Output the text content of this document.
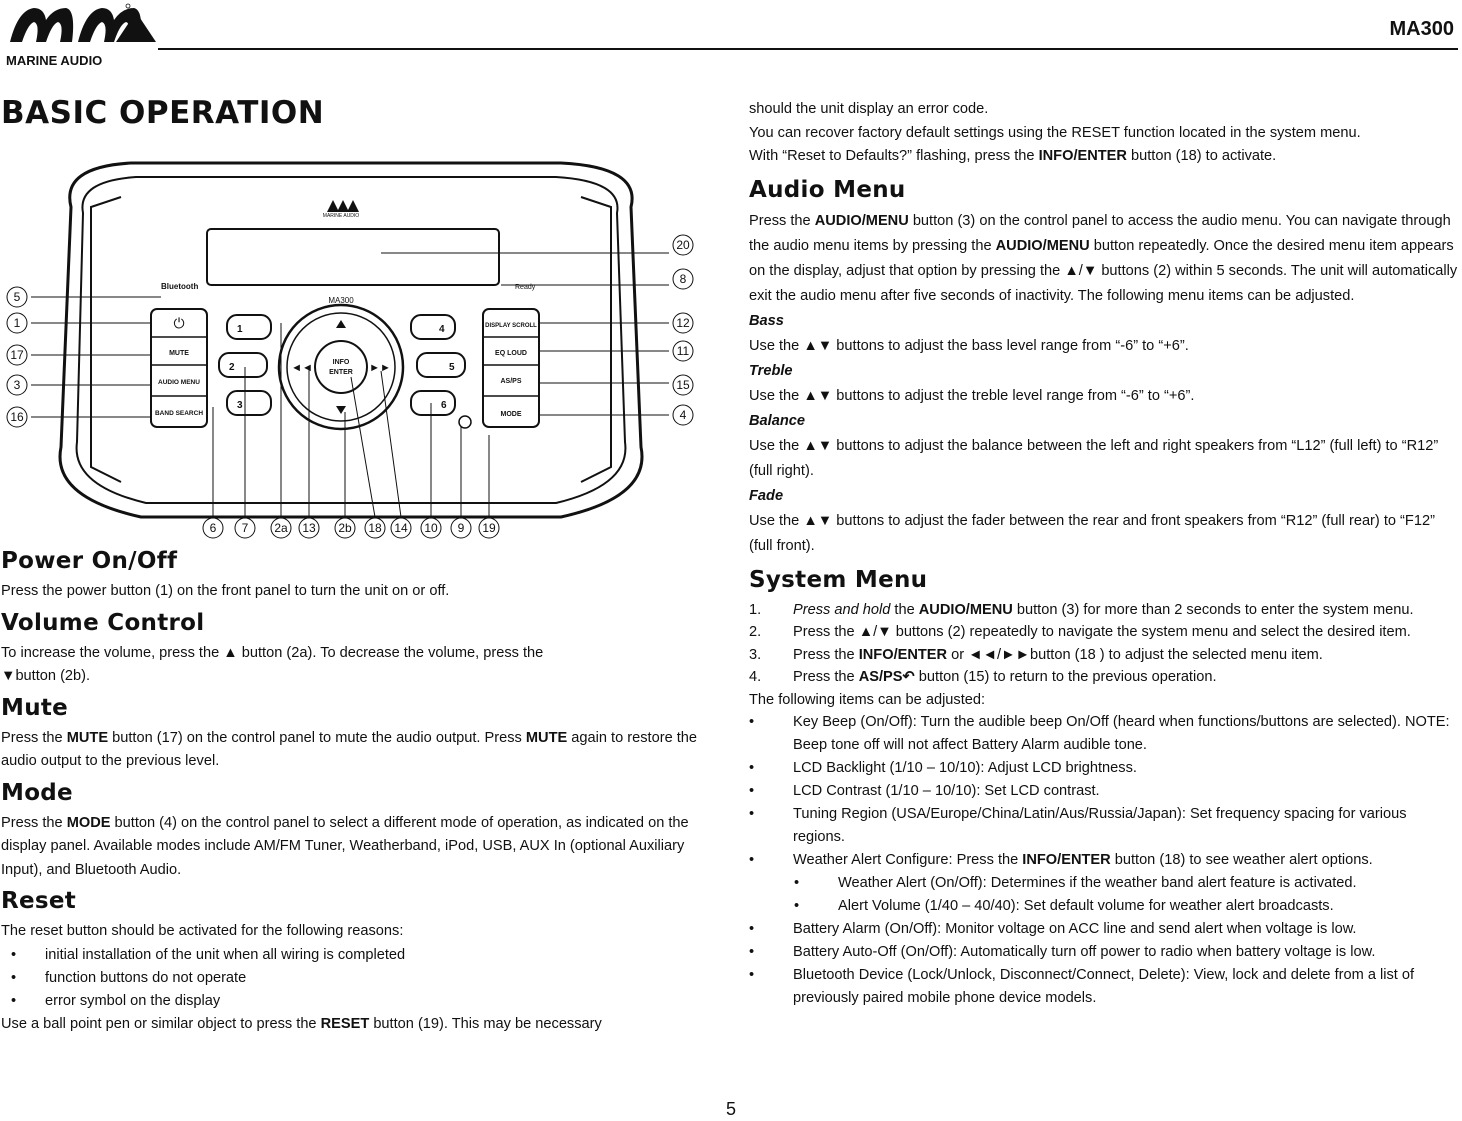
MARINE AUDIO
MA300
BASIC OPERATION
MARINE AUDIO
MA300
Bluetooth	Ready
⏻
MUTE
AUDIO MENU
BAND SEARCH
DISPLAY SCROLL
EQ LOUD
AS/PS
MODE
1
2
3
4
5
6
INFO
ENTER
◄◄	►►
5
1
17
3
16
20
8
12
11
15
4
6 7 2a 13 2b 18 14 10 9 19
Power On/Off

Press the power button (1) on the front panel to turn the unit on or off.

Volume Control

To increase the volume, press the ▲ button (2a). To decrease the volume, press the

▼button (2b).

Mute

Press the MUTE button (17) on the control panel to mute the audio output. Press MUTE again to restore the audio output to the previous level.

Mode

Press the MODE button (4) on the control panel to select a different mode of operation, as indicated on the display panel. Available modes include AM/FM Tuner, Weatherband, iPod, USB, AUX In (optional Auxiliary Input), and Bluetooth Audio.

Reset

The reset button should be activated for the following reasons:

• initial installation of the unit when all wiring is completed
• function buttons do not operate
• error symbol on the display

Use a ball point pen or similar object to press the RESET button (19). This may be necessary

should the unit display an error code.

You can recover factory default settings using the RESET function located in the system menu.

With “Reset to Defaults?” flashing, press the INFO/ENTER button (18) to activate.

Audio Menu

Press the AUDIO/MENU button (3) on the control panel to access the audio menu. You can navigate through the audio menu items by pressing the AUDIO/MENU button repeatedly. Once the desired menu item appears on the display, adjust that option by pressing the ▲/▼ buttons (2) within 5 seconds. The unit will automatically exit the audio menu after five seconds of inactivity. The following menu items can be adjusted.

Bass

Use the ▲▼ buttons to adjust the bass level range from “-6” to “+6”.

Treble

Use the ▲▼ buttons to adjust the treble level range from “-6” to “+6”.

Balance

Use the ▲▼ buttons to adjust the balance between the left and right speakers from “L12” (full left) to “R12” (full right).

Fade

Use the ▲▼ buttons to adjust the fader between the rear and front speakers from “R12” (full rear) to “F12” (full front).

System Menu
1. Press and hold the AUDIO/MENU button (3) for more than 2 seconds to enter the system menu.
2. Press the ▲/▼ buttons (2) repeatedly to navigate the system menu and select the desired item.
3. Press the INFO/ENTER or ◄◄/►►button (18 ) to adjust the selected menu item.
4. Press the AS/PS↶ button (15) to return to the previous operation.

The following items can be adjusted:

•	Key Beep (On/Off): Turn the audible beep On/Off (heard when functions/buttons are selected). NOTE: Beep tone off will not affect Battery Alarm audible tone.
•	LCD Backlight (1/10 – 10/10): Adjust LCD brightness.
•	LCD Contrast (1/10 – 10/10): Set LCD contrast.
•	Tuning Region (USA/Europe/China/Latin/Aus/Russia/Japan): Set frequency spacing for various regions.
•	Weather Alert Configure: Press the INFO/ENTER button (18) to see weather alert options.
•	Weather Alert (On/Off): Determines if the weather band alert feature is activated.
•	Alert Volume (1/40 – 40/40): Set default volume for weather alert broadcasts.
•	Battery Alarm (On/Off): Monitor voltage on ACC line and send alert when voltage is low.
•	Battery Auto-Off (On/Off): Automatically turn off power to radio when battery voltage is low.
•	Bluetooth Device (Lock/Unlock, Disconnect/Connect, Delete): View, lock and delete from a list of previously paired mobile phone device models.
5
